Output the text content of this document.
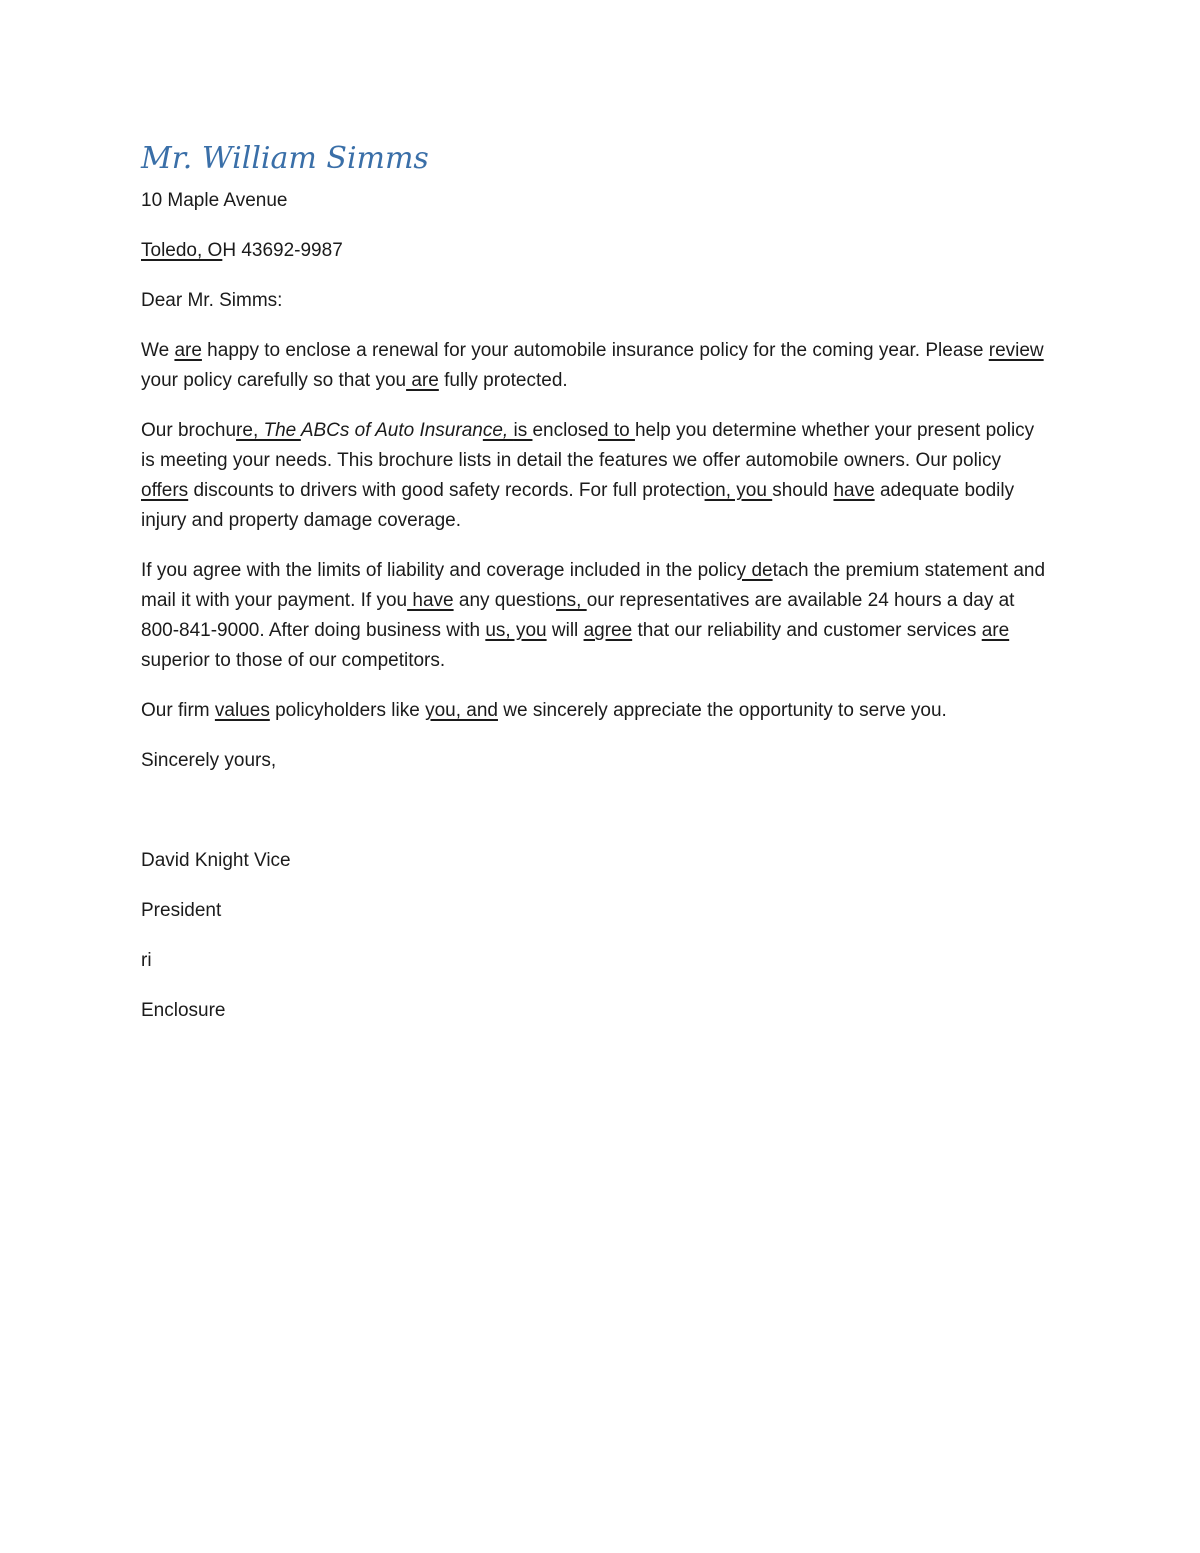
Mr. William Simms

10 Maple Avenue

Toledo, OH 43692-9987

Dear Mr. Simms:

We are happy to enclose a renewal for your automobile insurance policy for the coming year. Please review your policy carefully so that you are fully protected.

Our brochure, The ABCs of Auto Insurance, is enclosed to help you determine whether your present policy is meeting your needs. This brochure lists in detail the features we offer automobile owners. Our policy offers discounts to drivers with good safety records. For full protection, you should have adequate bodily injury and property damage coverage.

If you agree with the limits of liability and coverage included in the policy detach the premium statement and mail it with your payment. If you have any questions, our representatives are available 24 hours a day at 800-841-9000. After doing business with us, you will agree that our reliability and customer services are superior to those of our competitors.

Our firm values policyholders like you, and we sincerely appreciate the opportunity to serve you.

Sincerely yours,

David Knight Vice

President

ri

Enclosure
